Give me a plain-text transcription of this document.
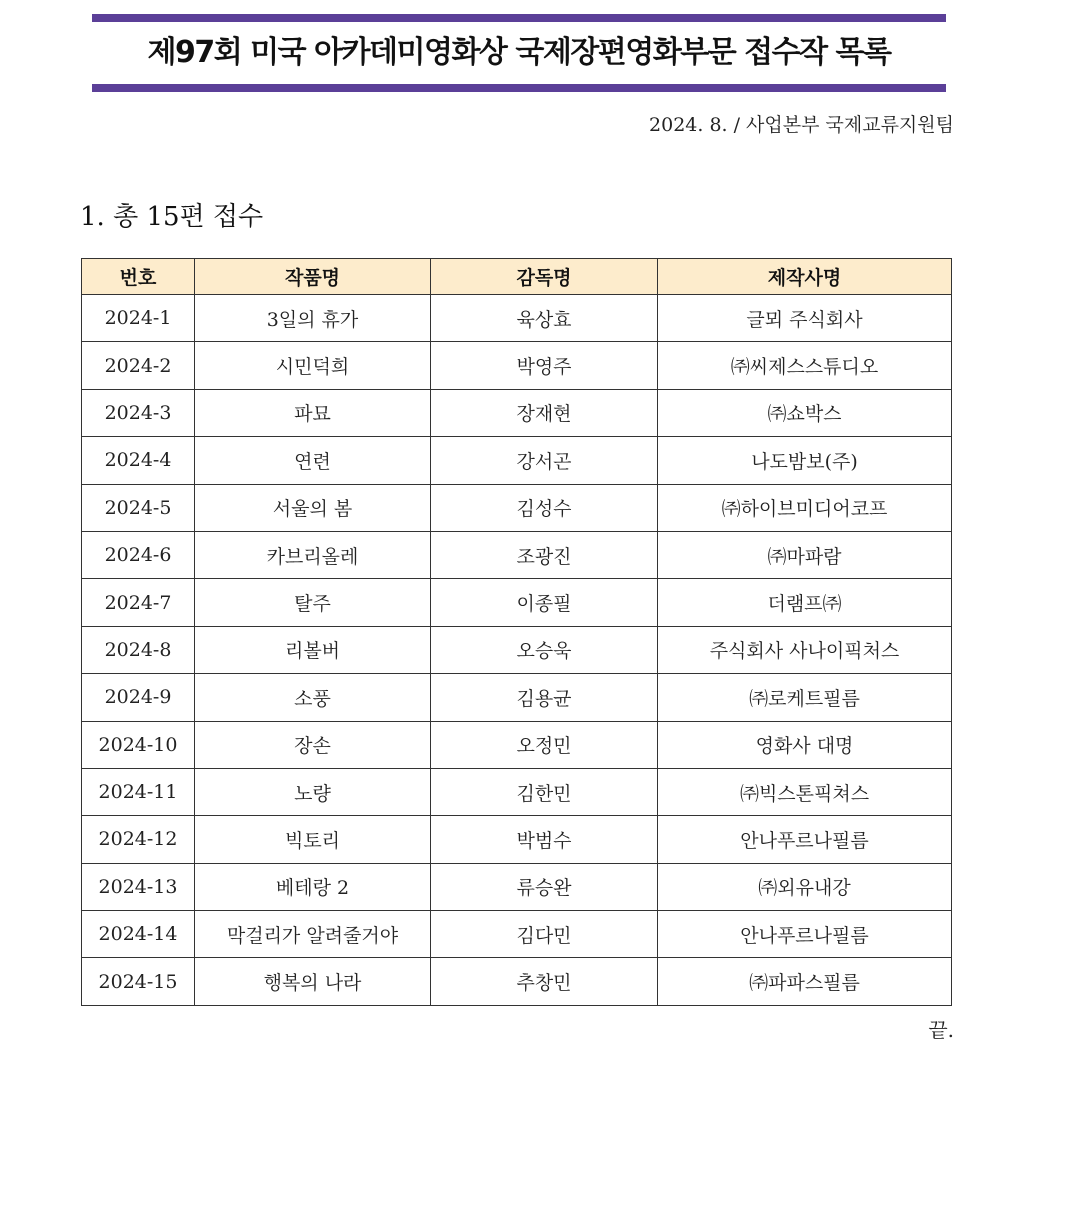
제97회 미국 아카데미영화상 국제장편영화부문 접수작 목록
2024. 8. / 사업본부 국제교류지원팀
1. 총 15편 접수
번호	작품명	감독명	제작사명
2024-1	3일의 휴가	육상효	글뫼 주식회사
2024-2	시민덕희	박영주	㈜씨제스스튜디오
2024-3	파묘	장재현	㈜쇼박스
2024-4	연련	강서곤	나도밤보(주)
2024-5	서울의 봄	김성수	㈜하이브미디어코프
2024-6	카브리올레	조광진	㈜마파람
2024-7	탈주	이종필	더램프㈜
2024-8	리볼버	오승욱	주식회사 사나이픽처스
2024-9	소풍	김용균	㈜로케트필름
2024-10	장손	오정민	영화사 대명
2024-11	노량	김한민	㈜빅스톤픽쳐스
2024-12	빅토리	박범수	안나푸르나필름
2024-13	베테랑 2	류승완	㈜외유내강
2024-14	막걸리가 알려줄거야	김다민	안나푸르나필름
2024-15	행복의 나라	추창민	㈜파파스필름
끝.
